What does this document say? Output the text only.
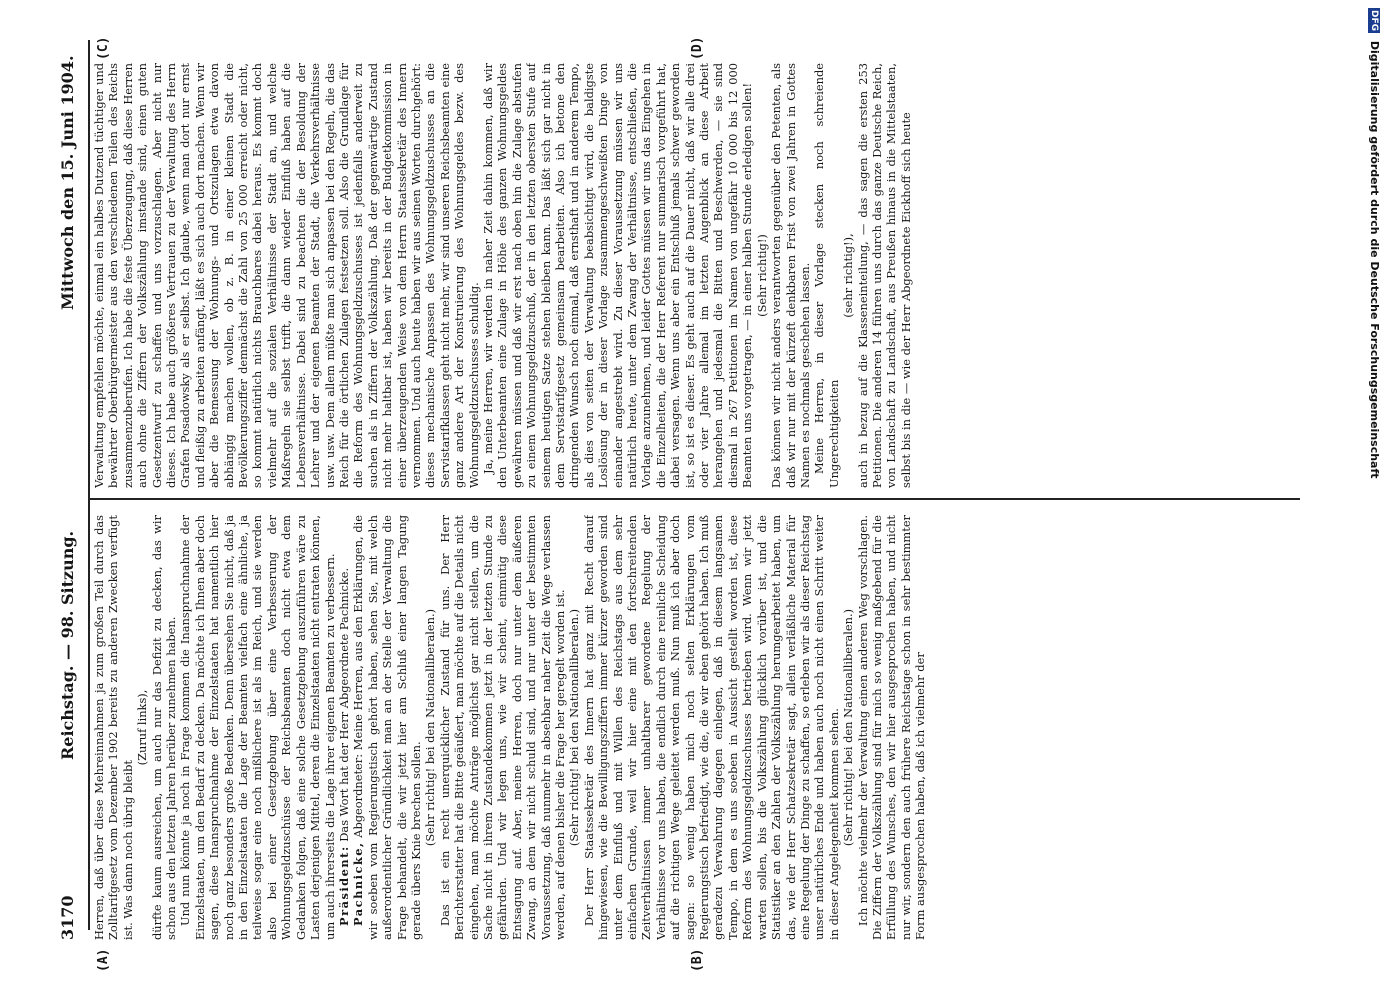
3170
Reichstag. — 98. Sitzung.
Mittwoch den 15. Juni 1904.
(A)	(B)
(C)	(D)

Herren, daß über diese Mehreinnahmen ja zum großen Teil durch das Zolltarifgesetz vom Dezember 1902 bereits zu anderen Zwecken verfügt ist. Was dann noch übrig bleibt

(Zuruf links), dürfte kaum ausreichen, um auch nur das Defizit zu decken, das wir schon aus den letzten Jahren herüber zunehmen haben. Und nun könnte ja noch in Frage kommen die Inanspruchnahme der Einzelstaaten, um den Bedarf zu decken. Da möchte ich Ihnen aber doch sagen, diese Inanspruchnahme der Einzelstaaten hat namentlich hier noch ganz besonders große Bedenken. Denn übersehen Sie nicht, daß ja in den Einzelstaaten die Lage der Beamten vielfach eine ähnliche, ja teilweise sogar eine noch mißlichere ist als im Reich, und sie werden also bei einer Gesetzgebung über eine Verbesserung der Wohnungsgeldzuschüsse der Reichsbeamten doch nicht etwa dem Gedanken folgen, daß eine solche Gesetzgebung auszuführen wäre zu Lasten derjenigen Mittel, deren die Einzelstaaten nicht entraten können, um auch ihrerseits die Lage ihrer eigenen Beamten zu verbessern. Präsident: Das Wort hat der Herr Abgeordnete Pachnicke.

Pachnicke, Abgeordneter: Meine Herren, aus den Erklärungen, die wir soeben vom Regierungstisch gehört haben, sehen Sie, mit welch außerordentlicher Gründlichkeit man an der Stelle der Verwaltung die Frage behandelt, die wir jetzt hier am Schluß einer langen Tagung gerade übers Knie brechen sollen. (Sehr richtig! bei den Nationalliberalen.) Das ist ein recht unerquicklicher Zustand für uns. Der Herr Berichterstatter hat die Bitte geäußert, man möchte auf die Details nicht eingehen, man möchte Anträge möglichst gar nicht stellen, um die Sache nicht in ihrem Zustandekommen jetzt in der letzten Stunde zu gefährden. Und wir legen uns, wie wir scheint, einmütig diese Entsagung auf. Aber, meine Herren, doch nur unter dem äußeren Zwang, an dem wir nicht schuld sind, und nur unter der bestimmten Voraussetzung, daß nunmehr in absehbar naher Zeit die Wege verlassen werden, auf denen bisher die Frage her geregelt worden ist. (Sehr richtig! bei den Nationalliberalen.) Der Herr Staatssekretär des Innern hat ganz mit Recht darauf hingewiesen, wie die Bewilligungsziffern immer kürzer geworden sind unter dem Einfluß und mit Willen des Reichstags aus dem sehr einfachen Grunde, weil wir hier eine mit den fortschreitenden Zeitverhältnissen immer unhaltbarer gewordene Regelung der Verhältnisse vor uns haben, die endlich durch eine reinliche Scheidung auf die richtigen Wege geleitet werden muß. Nun muß ich aber doch sagen: so wenig haben mich noch selten Erklärungen vom Regierungstisch befriedigt, wie die, die wir eben gehört haben. Ich muß geradezu Verwahrung dagegen einlegen, daß in diesem langsamen Tempo, in dem es uns soeben in Aussicht gestellt worden ist, diese Reform des Wohnungsgeldzuschusses betrieben wird. Wenn wir jetzt warten sollen, bis die Volkszählung glücklich vorüber ist, und die Statistiker an den Zahlen der Volkszählung herumgearbeitet haben, um das, wie der Herr Schatzsekretär sagt, allein verläßliche Material für eine Regelung der Dinge zu schaffen, so erleben wir als dieser Reichstag unser natürliches Ende und haben auch noch nicht einen Schritt weiter in dieser Angelegenheit kommen sehen. (Sehr richtig! bei den Nationalliberalen.) Ich möchte vielmehr der Verwaltung einen anderen Weg vorschlagen. Die Ziffern der Volkszählung sind für mich so wenig maßgebend für die Erfüllung des Wunsches, den wir hier ausgesprochen haben, und nicht nur wir, sondern den auch frühere Reichstage schon in sehr bestimmter Form ausgesprochen haben, daß ich vielmehr der

Verwaltung empfehlen möchte, einmal ein halbes Dutzend tüchtiger und bewährter Oberbürgermeister aus den verschiedenen Teilen des Reichs zusammenzuberufen. Ich habe die feste Überzeugung, daß diese Herren auch ohne die Ziffern der Volkszählung imstande sind, einen guten Gesetzentwurf zu schaffen und uns vorzuschlagen. Aber nicht nur dieses. Ich habe auch größeres Vertrauen zu der Verwaltung des Herrn Grafen Posadowsky als er selbst. Ich glaube, wenn man dort nur ernst und fleißig zu arbeiten anfängt, läßt es sich auch dort machen. Wenn wir aber die Bemessung der Wohnungs- und Ortszulagen etwa davon abhängig machen wollen, ob z. B. in einer kleinen Stadt die Bevölkerungsziffer demnächst die Zahl von 25 000 erreicht oder nicht, so kommt natürlich nichts Brauchbares dabei heraus. Es kommt doch vielmehr auf die sozialen Verhältnisse der Stadt an, und welche Maßregeln sie selbst trifft, die dann wieder Einfluß haben auf die Lebensverhältnisse. Dabei sind zu beachten die der Besoldung der Lehrer und der eigenen Beamten der Stadt, die Verkehrsverhältnisse usw. usw. Dem allem müßte man sich anpassen bei den Regeln, die das Reich für die örtlichen Zulagen festsetzen soll. Also die Grundlage für die Reform des Wohnungsgeldzuschusses ist jedenfalls anderweit zu suchen als in Ziffern der Volkszählung. Daß der gegenwärtige Zustand nicht mehr haltbar ist, haben wir bereits in der Budgetkommission in einer überzeugenden Weise von dem Herrn Staatssekretär des Innern vernommen. Und auch heute haben wir aus seinen Worten durchgehört: dieses mechanische Anpassen des Wohnungsgeldzuschusses an die Servistarifklassen geht nicht mehr, wir sind unseren Reichsbeamten eine ganz andere Art der Konstruierung des Wohnungsgeldes bezw. des Wohnungsgeldzuschusses schuldig. Ja, meine Herren, wir werden in naher Zeit dahin kommen, daß wir den Unterbeamten eine Zulage in Höhe des ganzen Wohnungsgeldes gewähren müssen und daß wir erst nach oben hin die Zulage abstufen zu einem Wohnungsgeldzuschuß, der in den letzten obersten Stufe auf seinem heutigen Satze stehen bleiben kann. Das läßt sich gar nicht in dem Servistarifgesetz gemeinsam bearbeiten. Also ich betone den dringenden Wunsch noch einmal, daß ernsthaft und in anderem Tempo, als dies von seiten der Verwaltung beabsichtigt wird, die baldigste Loslösung der in dieser Vorlage zusammengeschweißten Dinge von einander angestrebt wird. Zu dieser Voraussetzung müssen wir uns natürlich heute, unter dem Zwang der Verhältnisse, entschließen, die Vorlage anzunehmen, und leider Gottes müssen wir uns das Eingehen in die Einzelheiten, die der Herr Referent nur summarisch vorgeführt hat, dabei versagen. Wenn uns aber ein Entschluß jemals schwer geworden ist, so ist es dieser. Es geht auch auf die Dauer nicht, daß wir alle drei oder vier Jahre allemal im letzten Augenblick an diese Arbeit herangehen und jedesmal die Bitten und Beschwerden, — sie sind diesmal in 267 Petitionen im Namen von ungefähr 10 000 bis 12 000 Beamten uns vorgetragen, — in einer halben Stunde erledigen sollen! (Sehr richtig!) Das können wir nicht anders verantworten gegenüber den Petenten, als daß wir nur mit der kürzeft denkbaren Frist von zwei Jahren in Gottes Namen es nochmals geschehen lassen. Meine Herren, in dieser Vorlage stecken noch schreiende Ungerechtigkeiten

(sehr richtig!), auch in bezug auf die Klasseneinteilung, — das sagen die ersten 253 Petitionen. Die anderen 14 führen uns durch das ganze Deutsche Reich, von Landschaft zu Landschaft, aus Preußen hinaus in die Mittelstaaten, selbst bis in die — wie der Herr Abgeordnete Eickhoff sich heute

DFG Digitalisierung gefördert durch die Deutsche Forschungsgemeinschaft
